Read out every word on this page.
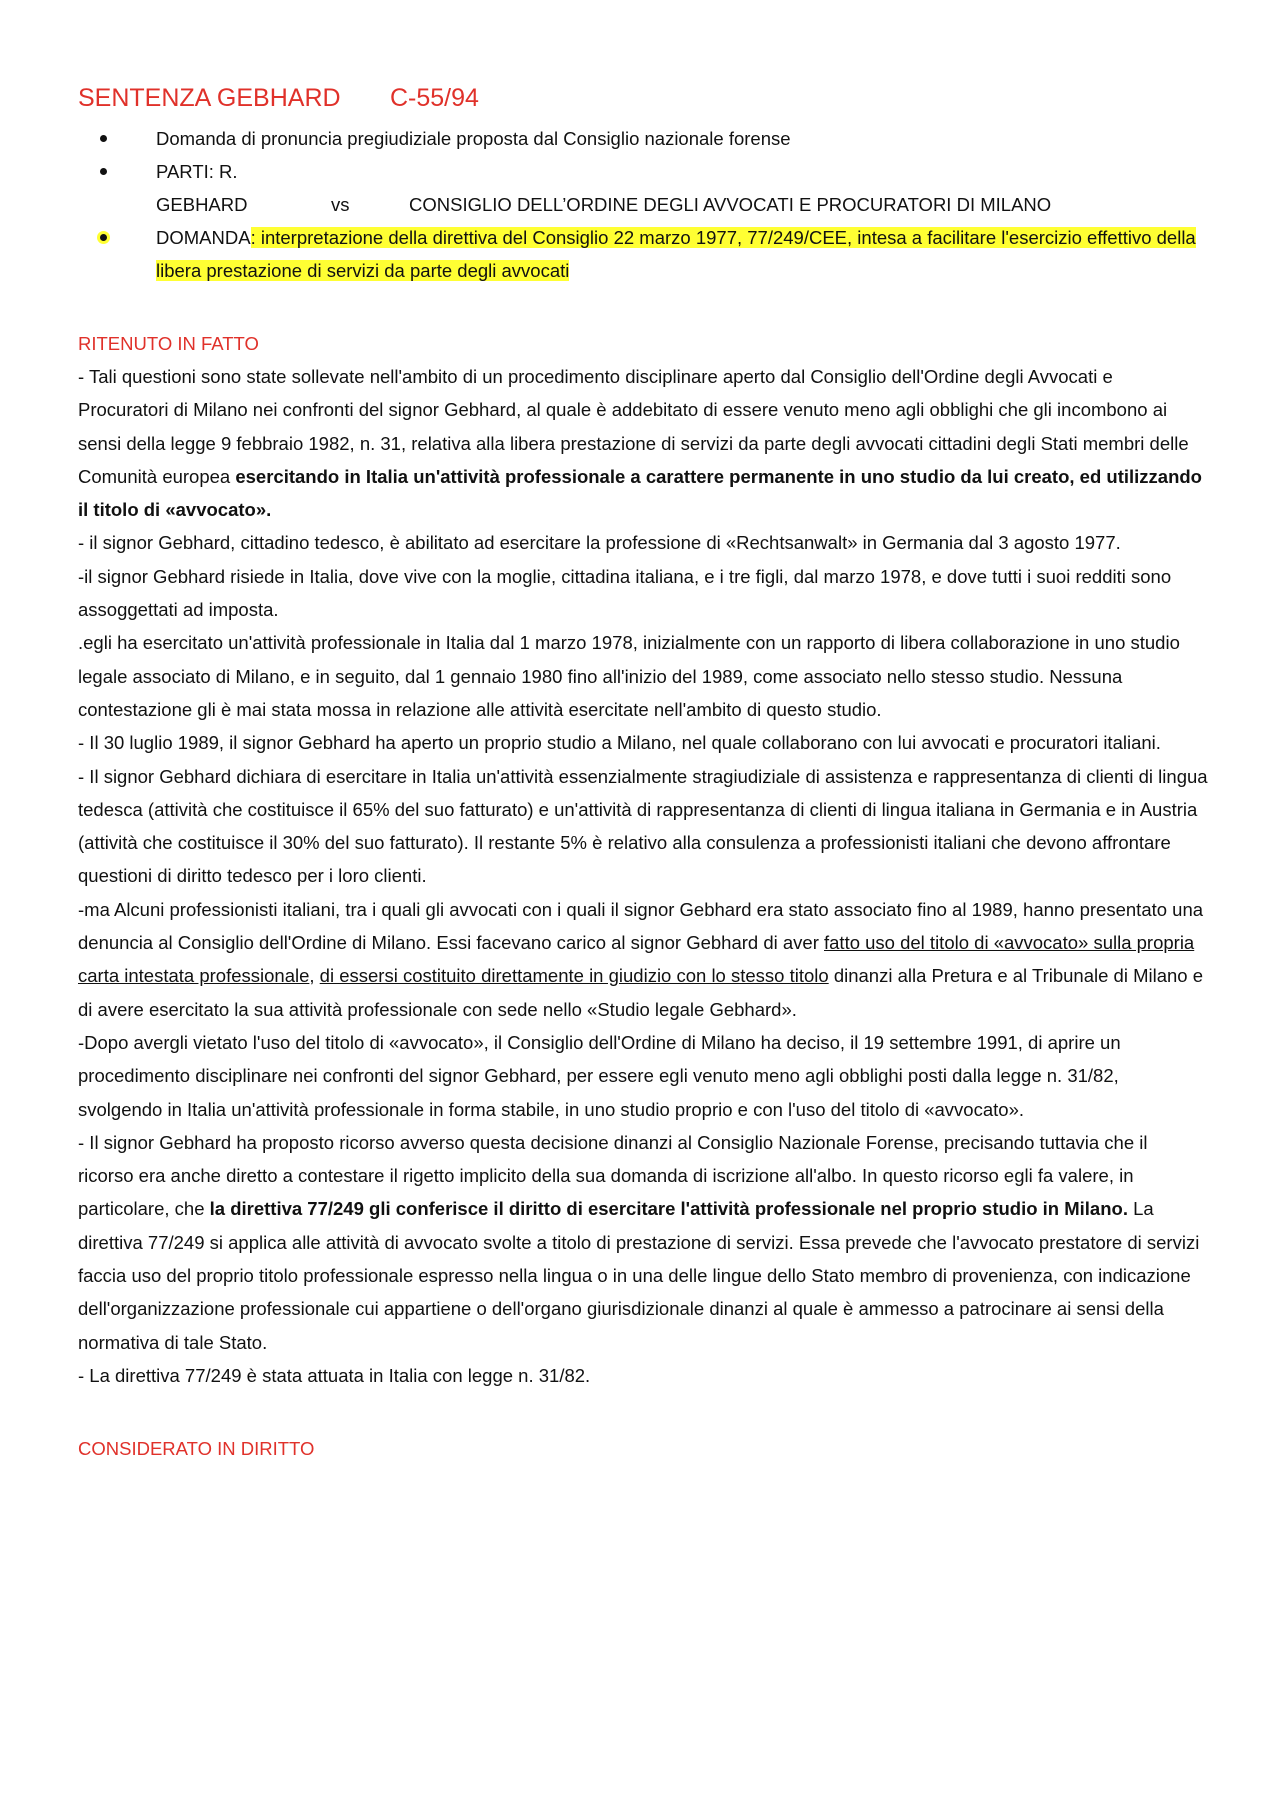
SENTENZA GEBHARD C-55/94
Domanda di pronuncia pregiudiziale proposta dal Consiglio nazionale forense
PARTI: R. GEBHARD	vs	CONSIGLIO DELL’ORDINE DEGLI AVVOCATI E PROCURATORI DI MILANO
DOMANDA: interpretazione della direttiva del Consiglio 22 marzo 1977, 77/249/CEE, intesa a facilitare l'esercizio effettivo della libera prestazione di servizi da parte degli avvocati
RITENUTO IN FATTO

- Tali questioni sono state sollevate nell'ambito di un procedimento disciplinare aperto dal Consiglio dell'Ordine degli Avvocati e Procuratori di Milano nei confronti del signor Gebhard, al quale è addebitato di essere venuto meno agli obblighi che gli incombono ai sensi della legge 9 febbraio 1982, n. 31, relativa alla libera prestazione di servizi da parte degli avvocati cittadini degli Stati membri delle Comunità europea esercitando in Italia un'attività professionale a carattere permanente in uno studio da lui creato, ed utilizzando il titolo di «avvocato».

- il signor Gebhard, cittadino tedesco, è abilitato ad esercitare la professione di «Rechtsanwalt» in Germania dal 3 agosto 1977.

-il signor Gebhard risiede in Italia, dove vive con la moglie, cittadina italiana, e i tre figli, dal marzo 1978, e dove tutti i suoi redditi sono assoggettati ad imposta.

.egli ha esercitato un'attività professionale in Italia dal 1 marzo 1978, inizialmente con un rapporto di libera collaborazione in uno studio legale associato di Milano, e in seguito, dal 1 gennaio 1980 fino all'inizio del 1989, come associato nello stesso studio. Nessuna contestazione gli è mai stata mossa in relazione alle attività esercitate nell'ambito di questo studio.

- Il 30 luglio 1989, il signor Gebhard ha aperto un proprio studio a Milano, nel quale collaborano con lui avvocati e procuratori italiani.

- Il signor Gebhard dichiara di esercitare in Italia un'attività essenzialmente stragiudiziale di assistenza e rappresentanza di clienti di lingua tedesca (attività che costituisce il 65% del suo fatturato) e un'attività di rappresentanza di clienti di lingua italiana in Germania e in Austria (attività che costituisce il 30% del suo fatturato). Il restante 5% è relativo alla consulenza a professionisti italiani che devono affrontare questioni di diritto tedesco per i loro clienti.

-ma Alcuni professionisti italiani, tra i quali gli avvocati con i quali il signor Gebhard era stato associato fino al 1989, hanno presentato una denuncia al Consiglio dell'Ordine di Milano. Essi facevano carico al signor Gebhard di aver fatto uso del titolo di «avvocato» sulla propria carta intestata professionale, di essersi costituito direttamente in giudizio con lo stesso titolo dinanzi alla Pretura e al Tribunale di Milano e di avere esercitato la sua attività professionale con sede nello «Studio legale Gebhard».

-Dopo avergli vietato l'uso del titolo di «avvocato», il Consiglio dell'Ordine di Milano ha deciso, il 19 settembre 1991, di aprire un procedimento disciplinare nei confronti del signor Gebhard, per essere egli venuto meno agli obblighi posti dalla legge n. 31/82, svolgendo in Italia un'attività professionale in forma stabile, in uno studio proprio e con l'uso del titolo di «avvocato».

- Il signor Gebhard ha proposto ricorso avverso questa decisione dinanzi al Consiglio Nazionale Forense, precisando tuttavia che il ricorso era anche diretto a contestare il rigetto implicito della sua domanda di iscrizione all'albo. In questo ricorso egli fa valere, in particolare, che la direttiva 77/249 gli conferisce il diritto di esercitare l'attività professionale nel proprio studio in Milano. La direttiva 77/249 si applica alle attività di avvocato svolte a titolo di prestazione di servizi. Essa prevede che l'avvocato prestatore di servizi faccia uso del proprio titolo professionale espresso nella lingua o in una delle lingue dello Stato membro di provenienza, con indicazione dell'organizzazione professionale cui appartiene o dell'organo giurisdizionale dinanzi al quale è ammesso a patrocinare ai sensi della normativa di tale Stato.

- La direttiva 77/249 è stata attuata in Italia con legge n. 31/82.

CONSIDERATO IN DIRITTO
